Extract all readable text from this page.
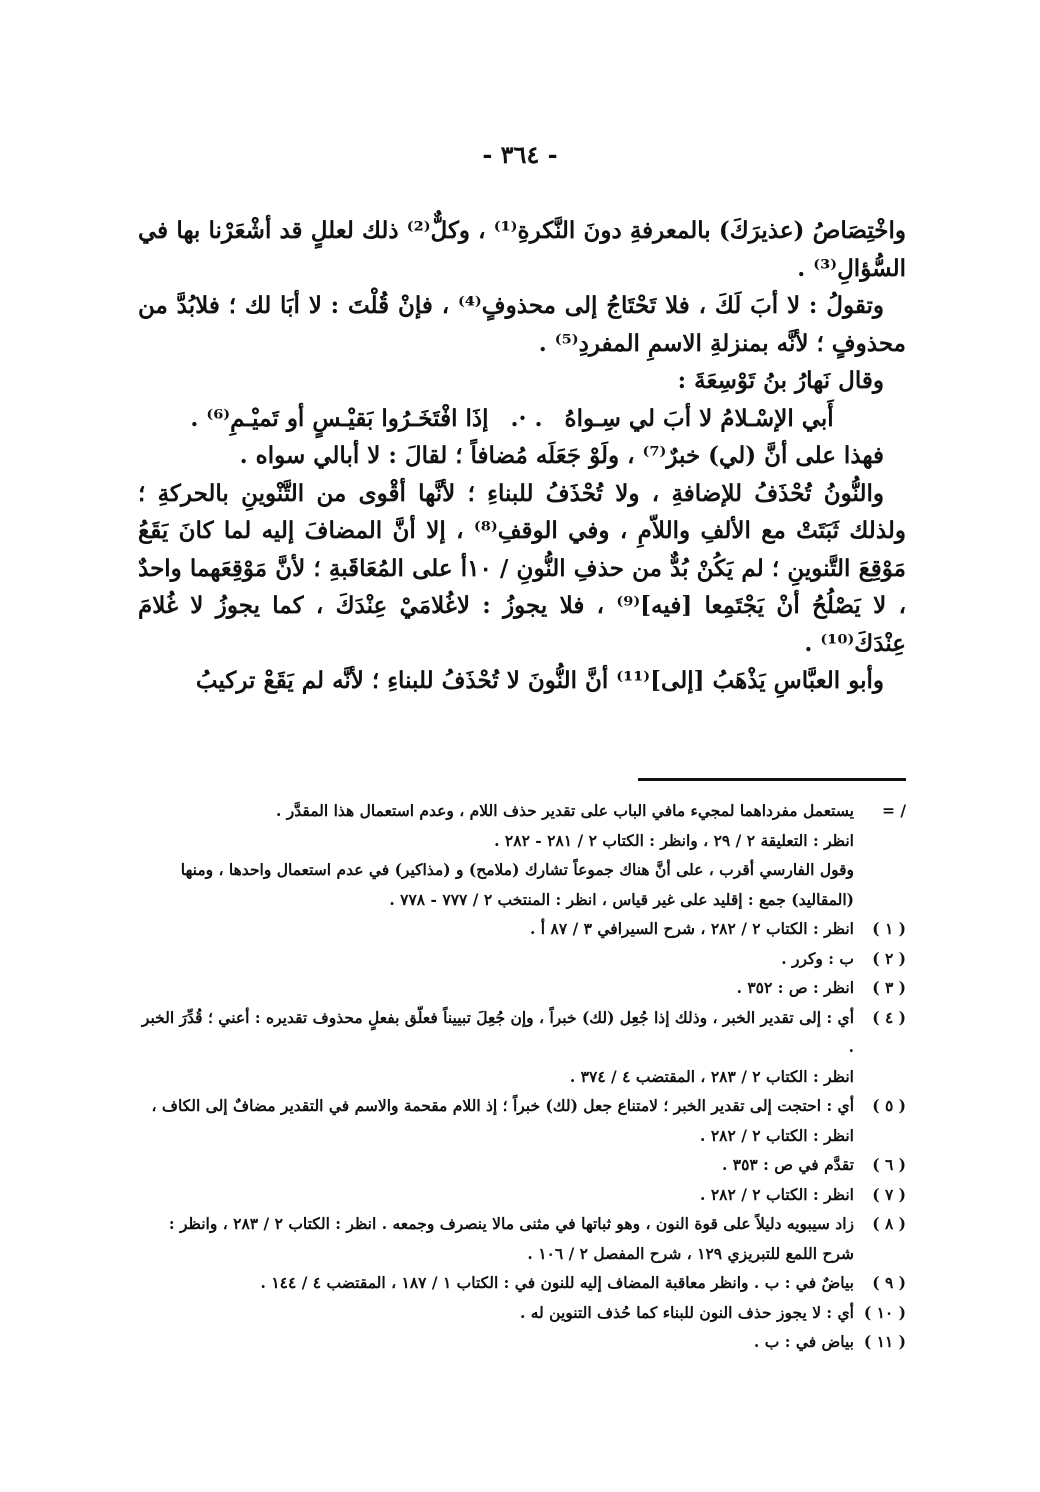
- ٣٦٤ -

واخْتِصَاصُ (عذيرَكَ) بالمعرفةِ دونَ النَّكرةِ⁽¹⁾ ، وكلٌّ⁽²⁾ ذلك لعللٍ قد أشْعَرْنا بها في السُّؤالِ⁽³⁾ .

وتقولُ : لا أبَ لَكَ ، فلا تَحْتَاجُ إلى محذوفٍ⁽⁴⁾ ، فإنْ قُلْتَ : لا أبَا لك ؛ فلابُدَّ من محذوفٍ ؛ لأنَّه بمنزلةِ الاسمِ المفردِ⁽⁵⁾ .

وقال نَهارُ بنُ تَوْسِعَةَ :

أَبي الإسْـلامُ لا أبَ لي سِـواهُ
. ·.
إذَا افْتَخَـرُوا بَقيْـسٍ أو تَميْـمِ⁽⁶⁾ .

فهذا على أنَّ (لي) خبرٌ⁽⁷⁾ ، ولَوْ جَعَلَه مُضافاً ؛ لقالَ : لا أبالي سواه .

والنُّونُ تُحْذَفُ للإضافةِ ، ولا تُحْذَفُ للبناءِ ؛ لأنَّها أقْوى من التَّنْوينِ بالحركةِ ؛ ولذلك ثَبَتَتْ مع الألفِ واللاّمِ ، وفي الوقفِ⁽⁸⁾ ، إلا أنَّ المضافَ إليه لما كانَ يَقَعُ مَوْقِعَ التَّنوينِ ؛ لم يَكُنْ بُدٌّ من حذفِ النُّونِ / ١٠أ على المُعَاقَبةِ ؛ لأنَّ مَوْقِعَهما واحدٌ ، لا يَصْلُحُ أنْ يَجْتَمِعا [فيه]⁽⁹⁾ ، فلا يجوزُ : لاغُلامَيْ عِنْدَكَ ، كما يجوزُ لا غُلامَ عِنْدَكَ⁽¹⁰⁾ .

وأبو العبَّاسِ يَذْهَبُ [إلى]⁽¹¹⁾ أنَّ النُّونَ لا تُحْذَفُ للبناءِ ؛ لأنَّه لم يَقَعْ تركيبُ

/ =
يستعمل مفرداهما لمجيء مافي الباب على تقدير حذف اللام ، وعدم استعمال هذا المقدَّر .
انظر : التعليقة ٢ / ٢٩ ، وانظر : الكتاب ٢ / ٢٨١ - ٢٨٢ .
وقول الفارسي أقرب ، على أنَّ هناك جموعاً تشارك (ملامح) و (مذاكير) في عدم استعمال واحدها ، ومنها (المقاليد) جمع : إقليد على غير قياس ، انظر : المنتخب ٢ / ٧٧٧ - ٧٧٨ .
( ١ )
انظر : الكتاب ٢ / ٢٨٢ ، شرح السيرافي ٣ / ٨٧ أ .
( ٢ )
ب : وكرر .
( ٣ )
انظر : ص : ٣٥٢ .
( ٤ )
أي : إلى تقدير الخبر ، وذلك إذا جُعِل (لك) خبراً ، وإن جُعِلَ تبييناً فعلّق بفعلٍ محذوف تقديره : أعني ؛ قُدِّرَ الخبر .
انظر : الكتاب ٢ / ٢٨٣ ، المقتضب ٤ / ٣٧٤ .
( ٥ )
أي : احتجت إلى تقدير الخبر ؛ لامتناع جعل (لك) خبراً ؛ إذ اللام مقحمة والاسم في التقدير مضافٌ إلى الكاف ، انظر : الكتاب ٢ / ٢٨٢ .
( ٦ )
تقدَّم في ص : ٣٥٣ .
( ٧ )
انظر : الكتاب ٢ / ٢٨٢ .
( ٨ )
زاد سيبويه دليلاً على قوة النون ، وهو ثباتها في مثنى مالا ينصرف وجمعه . انظر : الكتاب ٢ / ٢٨٣ ، وانظر : شرح اللمع للتبريزي ١٢٩ ، شرح المفصل ٢ / ١٠٦ .
( ٩ )
بياضٌ في : ب . وانظر معاقبة المضاف إليه للنون في : الكتاب ١ / ١٨٧ ، المقتضب ٤ / ١٤٤ .
( ١٠ )
أي : لا يجوز حذف النون للبناء كما حُذف التنوين له .
( ١١ )
بياض في : ب .
